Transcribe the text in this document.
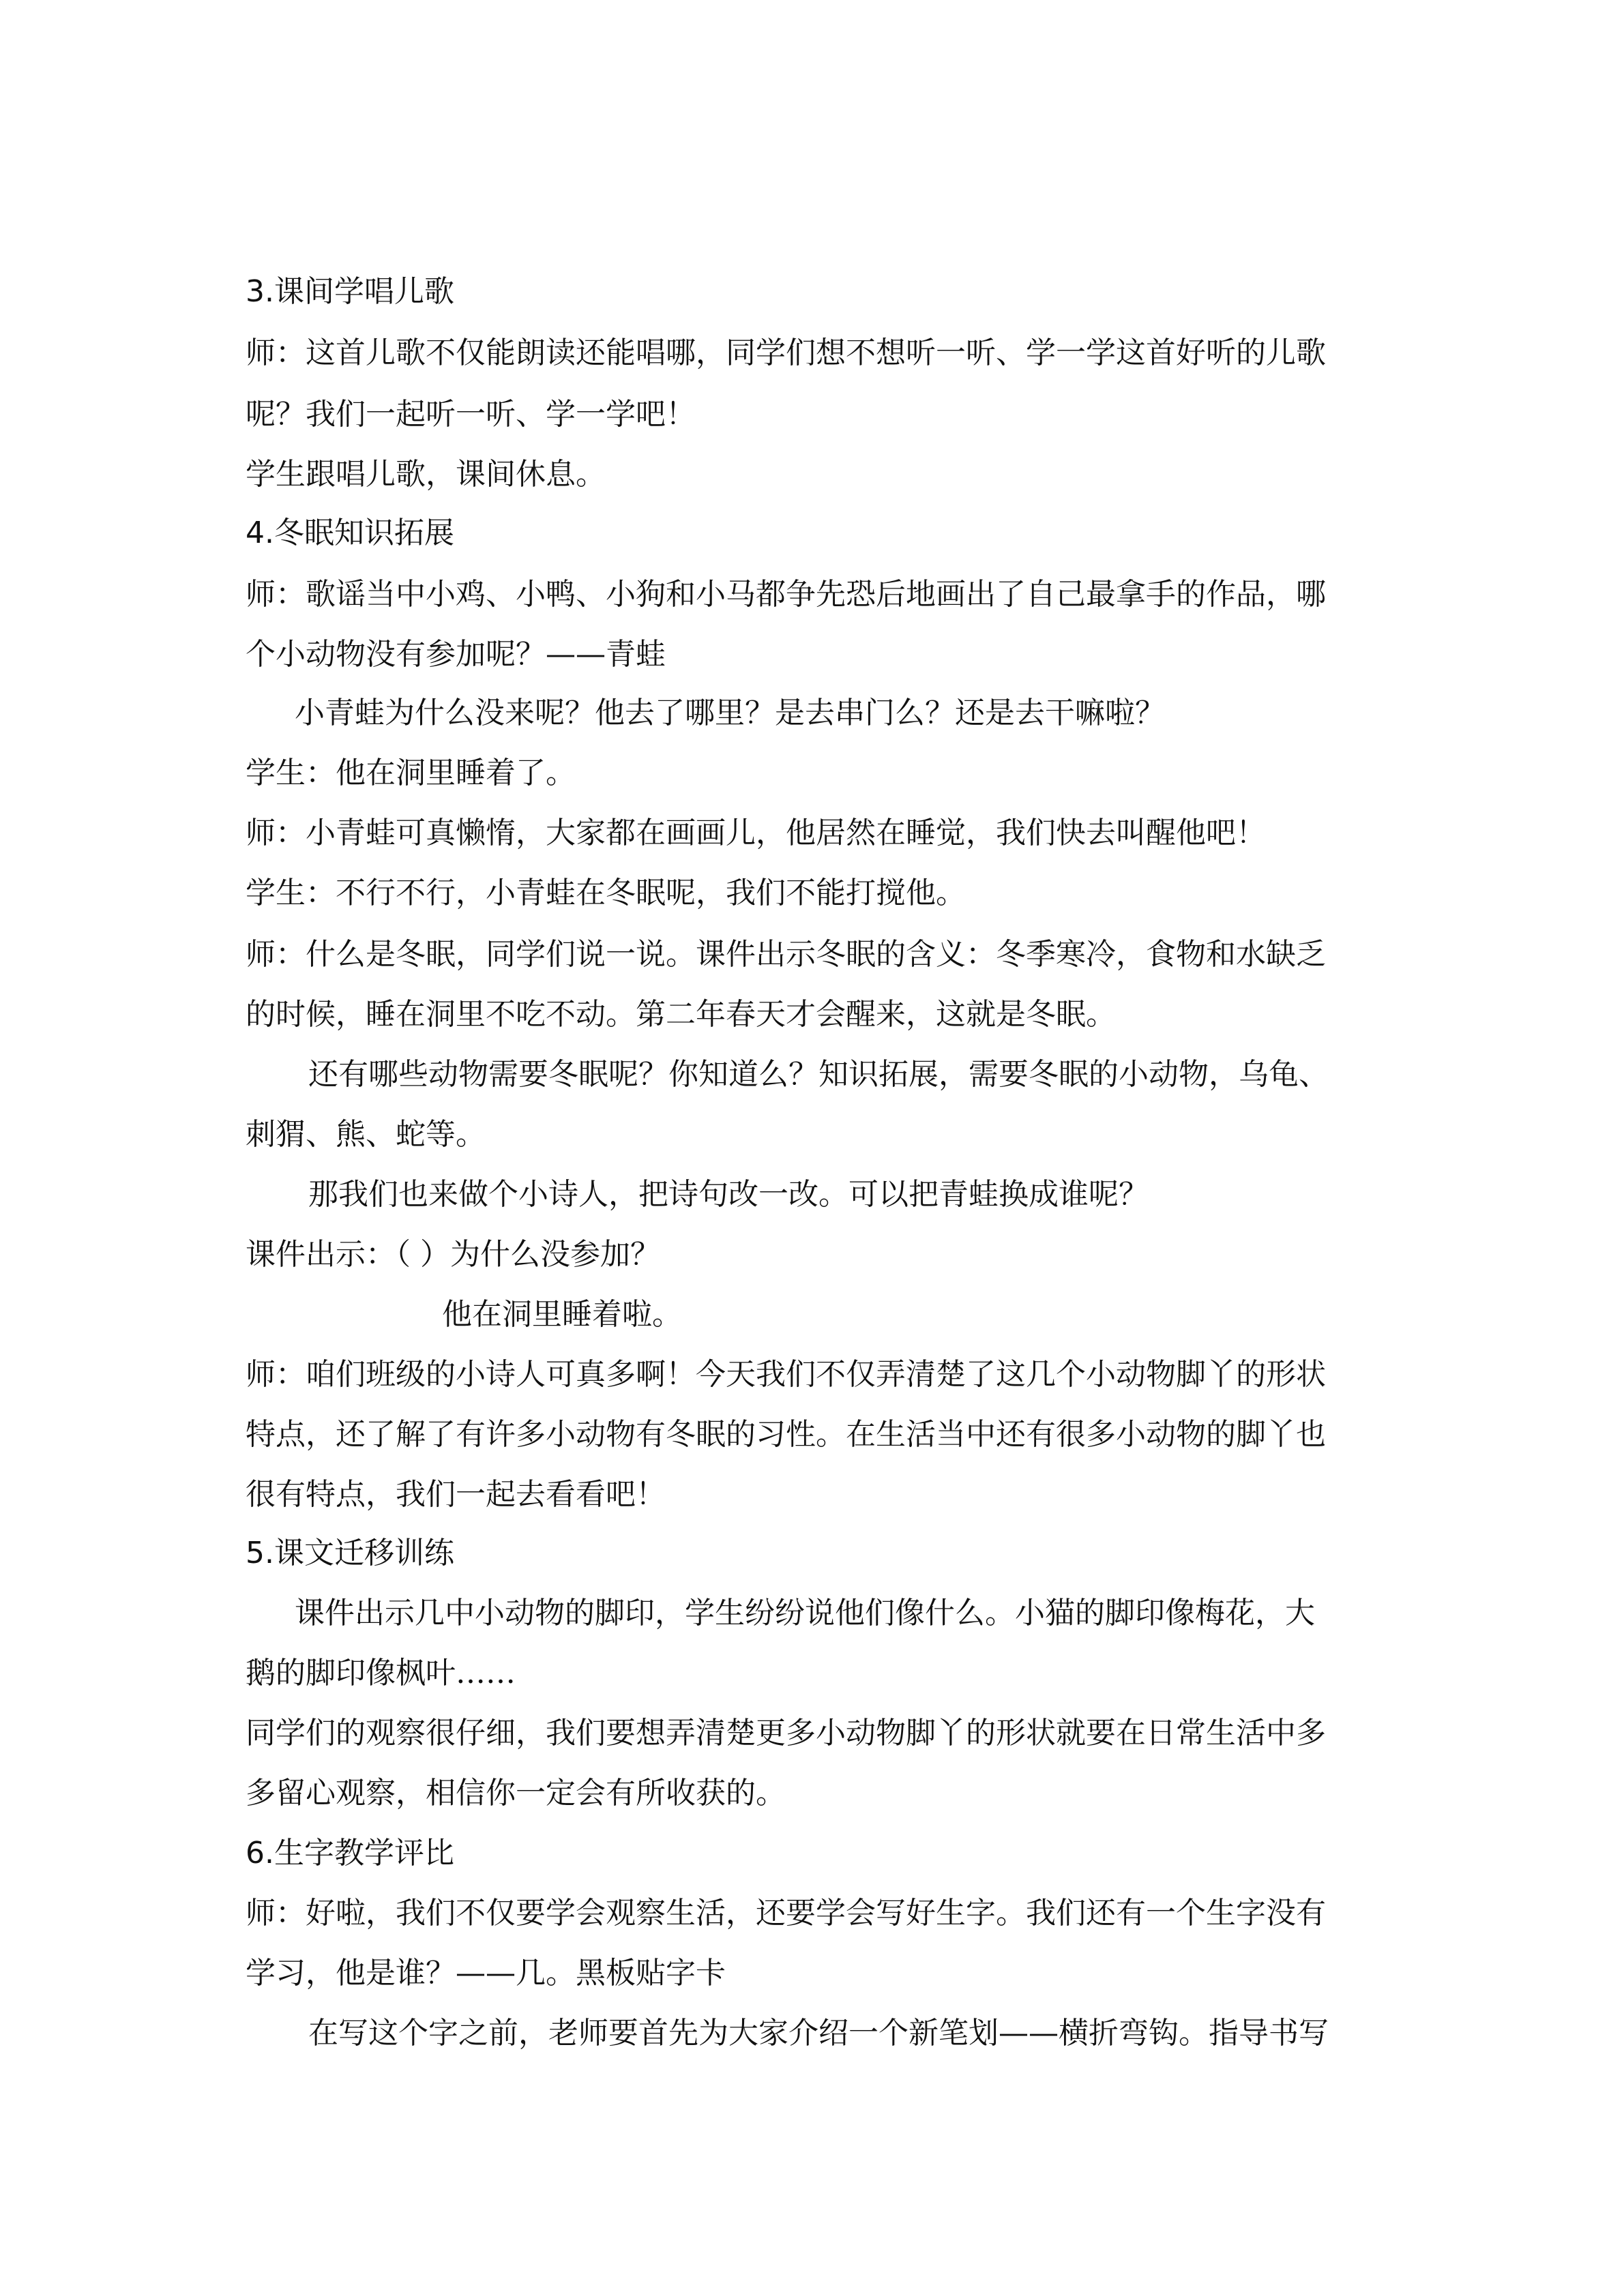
3.课间学唱儿歌
师：这首儿歌不仅能朗读还能唱哪，同学们想不想听一听、学一学这首好听的儿歌
呢？我们一起听一听、学一学吧！
学生跟唱儿歌，课间休息。
4.冬眠知识拓展
师：歌谣当中小鸡、小鸭、小狗和小马都争先恐后地画出了自己最拿手的作品，哪
个小动物没有参加呢？——青蛙
小青蛙为什么没来呢？他去了哪里？是去串门么？还是去干嘛啦？
学生：他在洞里睡着了。
师：小青蛙可真懒惰，大家都在画画儿，他居然在睡觉，我们快去叫醒他吧！
学生：不行不行，小青蛙在冬眠呢，我们不能打搅他。
师：什么是冬眠，同学们说一说。课件出示冬眠的含义：冬季寒冷，食物和水缺乏
的时候，睡在洞里不吃不动。第二年春天才会醒来，这就是冬眠。
还有哪些动物需要冬眠呢？你知道么？知识拓展，需要冬眠的小动物，乌龟、
刺猬、熊、蛇等。
那我们也来做个小诗人，把诗句改一改。可以把青蛙换成谁呢？
课件出示：（ ）为什么没参加？
他在洞里睡着啦。
师：咱们班级的小诗人可真多啊！今天我们不仅弄清楚了这几个小动物脚丫的形状
特点，还了解了有许多小动物有冬眠的习性。在生活当中还有很多小动物的脚丫也
很有特点，我们一起去看看吧！
5.课文迁移训练
课件出示几中小动物的脚印，学生纷纷说他们像什么。小猫的脚印像梅花，大
鹅的脚印像枫叶……
同学们的观察很仔细，我们要想弄清楚更多小动物脚丫的形状就要在日常生活中多
多留心观察，相信你一定会有所收获的。
6.生字教学评比
师：好啦，我们不仅要学会观察生活，还要学会写好生字。我们还有一个生字没有
学习，他是谁？——几。黑板贴字卡
在写这个字之前，老师要首先为大家介绍一个新笔划——横折弯钩。指导书写
